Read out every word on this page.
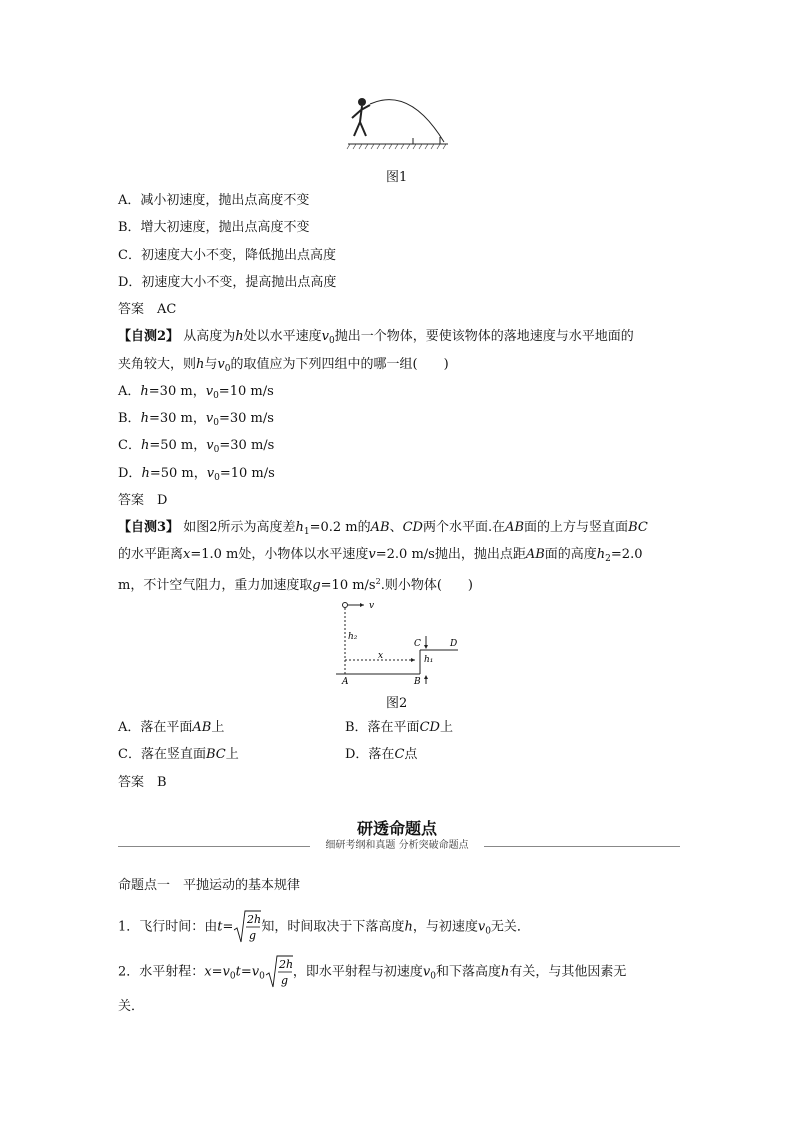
图1
A．减小初速度，抛出点高度不变
B．增大初速度，抛出点高度不变
C．初速度大小不变，降低抛出点高度
D．初速度大小不变，提高抛出点高度
答案　 AC
【自测2】 从高度为h处以水平速度$v_0$抛出一个物体，要使该物体的落地速度与水平地面的
夹角较大，则h与$v_0$的取值应为下列四组中的哪一组(　　)
A．h=30 m，$v_0=10$ m/s
B．h=30 m，$v_0=30$ m/s
C．h=50 m，$v_0=30$ m/s
D．h=50 m，$v_0=10$ m/s
答案　 D
【自测3】 如图2所示为高度差$h_1=0.2$ m的AB、CD两个水平面.在AB面的上方与竖直面BC
的水平距离x=1.0 m处，小物体以水平速度v=2.0 m/s抛出，抛出点距AB面的高度$h_2=2.0$
m，不计空气阻力，重力加速度取g=10 $m/s^2$.则小物体(　　)
v
h₂
x
C	D
h₁
A	B
图2
A．落在平面AB上	B．落在平面CD上
C．落在竖直面BC上	D．落在C点
答案　 B
研透命题点
细研考纲和真题 分析突破命题点
命题点一　平抛运动的基本规律
1．飞行时间：由t= 2h
g
知，时间取决于下落高度h，与初速度$v_0$无关．
2．水平射程：$x=v_0t=v_0$
2h
g
，即水平射程与初速度$v_0$和下落高度h有关，与其他因素无
关．
